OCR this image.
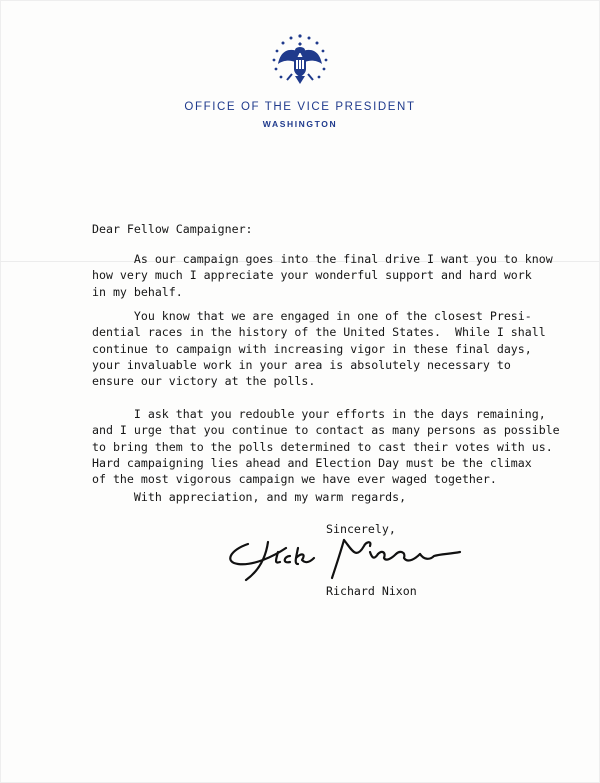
OFFICE OF THE VICE PRESIDENT
WASHINGTON

Dear Fellow Campaigner:

As our campaign goes into the final drive I want you to know
how very much I appreciate your wonderful support and hard work
in my behalf.

You know that we are engaged in one of the closest Presi-
dential races in the history of the United States.  While I shall
continue to campaign with increasing vigor in these final days,
your invaluable work in your area is absolutely necessary to
ensure our victory at the polls.

I ask that you redouble your efforts in the days remaining,
and I urge that you continue to contact as many persons as possible
to bring them to the polls determined to cast their votes with us.
Hard campaigning lies ahead and Election Day must be the climax
of the most vigorous campaign we have ever waged together.

With appreciation, and my warm regards,

Sincerely,

Richard Nixon
